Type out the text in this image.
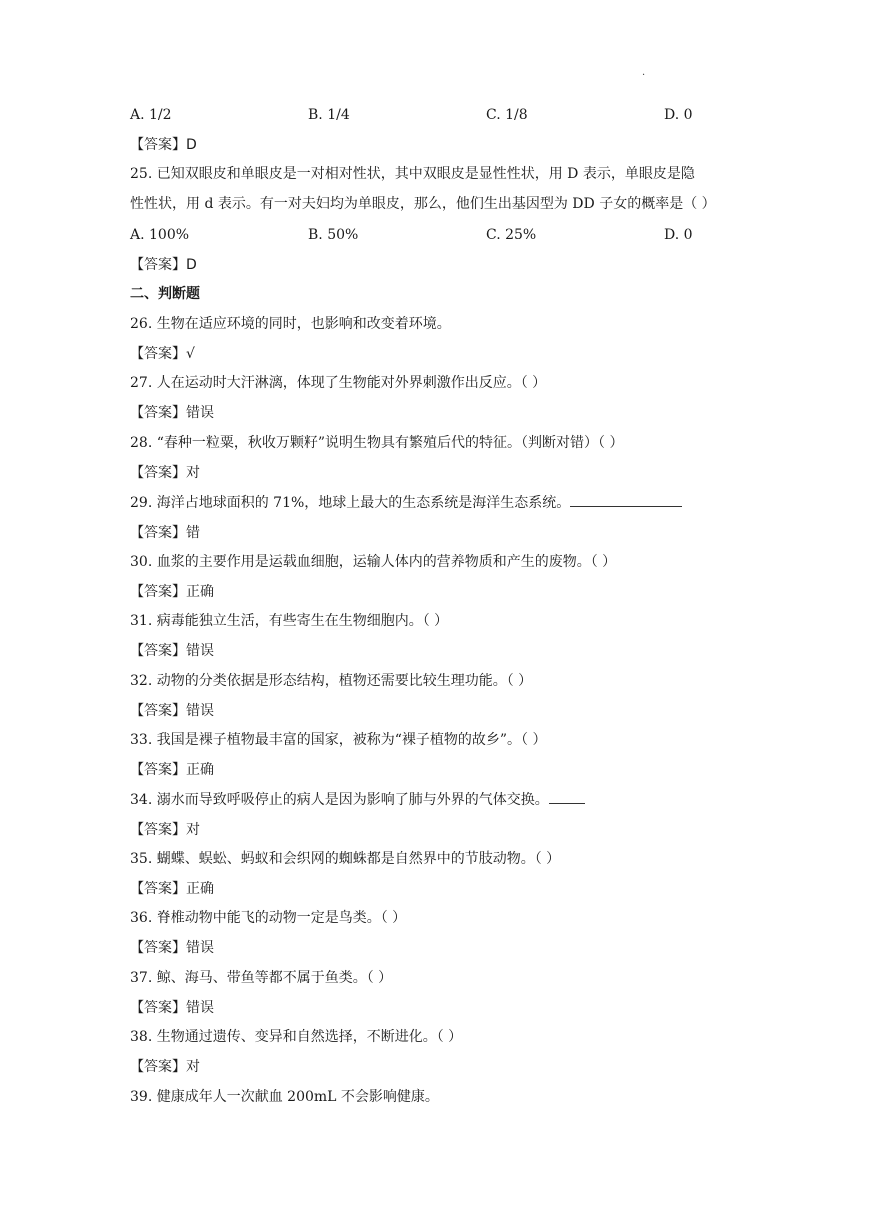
·
A. 1/2	B. 1/4	C. 1/8	D. 0
【答案】D
25. 已知双眼皮和单眼皮是一对相对性状，其中双眼皮是显性性状，用 D 表示，单眼皮是隐
性性状，用 d 表示。有一对夫妇均为单眼皮，那么，他们生出基因型为 DD 子女的概率是（ ）
A. 100%	B. 50%	C. 25%	D. 0
【答案】D
二、判断题
26. 生物在适应环境的同时，也影响和改变着环境。
【答案】√
27. 人在运动时大汗淋漓，体现了生物能对外界刺激作出反应。（ ）
【答案】错误
28. “春种一粒粟，秋收万颗籽”说明生物具有繁殖后代的特征。（判断对错）（ ）
【答案】对
29. 海洋占地球面积的 71%，地球上最大的生态系统是海洋生态系统。
【答案】错
30. 血浆的主要作用是运载血细胞，运输人体内的营养物质和产生的废物。（ ）
【答案】正确
31. 病毒能独立生活，有些寄生在生物细胞内。（ ）
【答案】错误
32. 动物的分类依据是形态结构，植物还需要比较生理功能。（ ）
【答案】错误
33. 我国是裸子植物最丰富的国家，被称为“裸子植物的故乡”。（ ）
【答案】正确
34. 溺水而导致呼吸停止的病人是因为影响了肺与外界的气体交换。
【答案】对
35. 蝴蝶、蜈蚣、蚂蚁和会织网的蜘蛛都是自然界中的节肢动物。（ ）
【答案】正确
36. 脊椎动物中能飞的动物一定是鸟类。（ ）
【答案】错误
37. 鲸、海马、带鱼等都不属于鱼类。（ ）
【答案】错误
38. 生物通过遗传、变异和自然选择，不断进化。（ ）
【答案】对
39. 健康成年人一次献血 200mL 不会影响健康。
